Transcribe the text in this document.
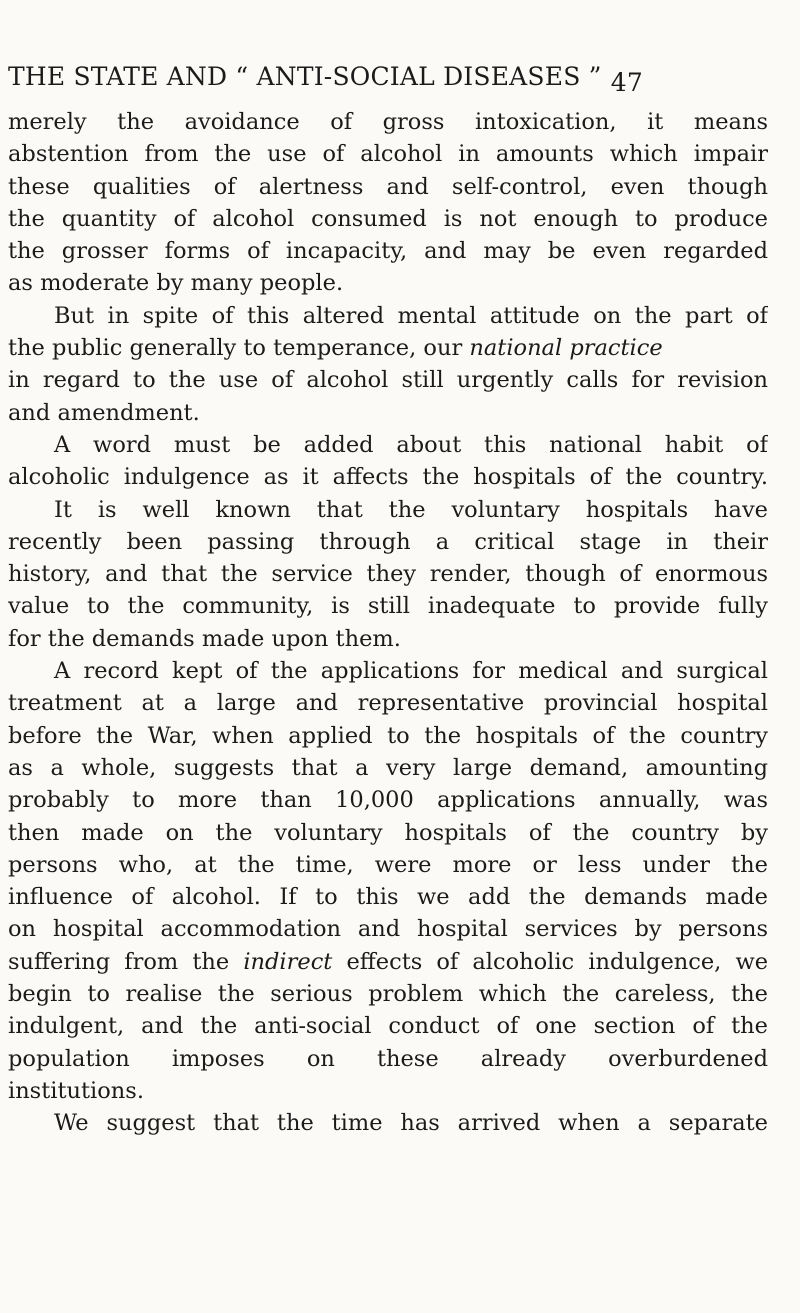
THE STATE AND “ ANTI-SOCIAL DISEASES ” 47
merely the avoidance of gross intoxication, it means
abstention from the use of alcohol in amounts which impair
these qualities of alertness and self-control, even though
the quantity of alcohol consumed is not enough to produce
the grosser forms of incapacity, and may be even regarded
as moderate by many people.
But in spite of this altered mental attitude on the part of
the public generally to temperance, our national practice
in regard to the use of alcohol still urgently calls for revision
and amendment.
A word must be added about this national habit of
alcoholic indulgence as it affects the hospitals of the country.
It is well known that the voluntary hospitals have
recently been passing through a critical stage in their
history, and that the service they render, though of enormous
value to the community, is still inadequate to provide fully
for the demands made upon them.
A record kept of the applications for medical and surgical
treatment at a large and representative provincial hospital
before the War, when applied to the hospitals of the country
as a whole, suggests that a very large demand, amounting
probably to more than 10,000 applications annually, was
then made on the voluntary hospitals of the country by
persons who, at the time, were more or less under the
influence of alcohol. If to this we add the demands made
on hospital accommodation and hospital services by persons
suffering from the indirect effects of alcoholic indulgence, we
begin to realise the serious problem which the careless, the
indulgent, and the anti-social conduct of one section of the
population imposes on these already overburdened
institutions.
We suggest that the time has arrived when a separate
